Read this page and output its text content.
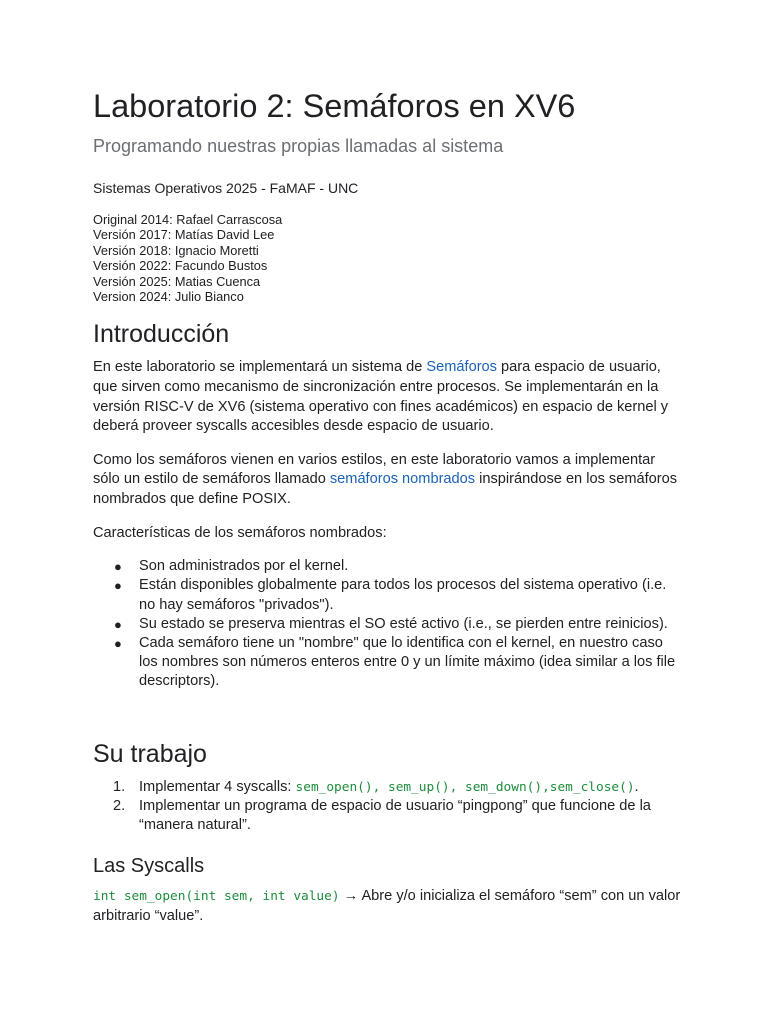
Laboratorio 2: Semáforos en XV6
Programando nuestras propias llamadas al sistema
Sistemas Operativos 2025 - FaMAF - UNC
Original 2014: Rafael Carrascosa
Versión 2017: Matías David Lee
Versión 2018: Ignacio Moretti
Versión 2022: Facundo Bustos
Versión 2025: Matias Cuenca
Version 2024: Julio Bianco
Introducción

En este laboratorio se implementará un sistema de Semáforos para espacio de usuario, que sirven como mecanismo de sincronización entre procesos. Se implementarán en la versión RISC-V de XV6 (sistema operativo con fines académicos) en espacio de kernel y deberá proveer syscalls accesibles desde espacio de usuario.

Como los semáforos vienen en varios estilos, en este laboratorio vamos a implementar sólo un estilo de semáforos llamado semáforos nombrados inspirándose en los semáforos nombrados que define POSIX.

Características de los semáforos nombrados:

● Son administrados por el kernel.
● Están disponibles globalmente para todos los procesos del sistema operativo (i.e. no hay semáforos "privados").
● Su estado se preserva mientras el SO esté activo (i.e., se pierden entre reinicios).
● Cada semáforo tiene un "nombre" que lo identifica con el kernel, en nuestro caso los nombres son números enteros entre 0 y un límite máximo (idea similar a los file descriptors).
Su trabajo
1. Implementar 4 syscalls: sem_open(), sem_up(), sem_down(),sem_close().
2. Implementar un programa de espacio de usuario “pingpong” que funcione de la “manera natural”.
Las Syscalls

int sem_open(int sem, int value) → Abre y/o inicializa el semáforo “sem” con un valor arbitrario “value”.
